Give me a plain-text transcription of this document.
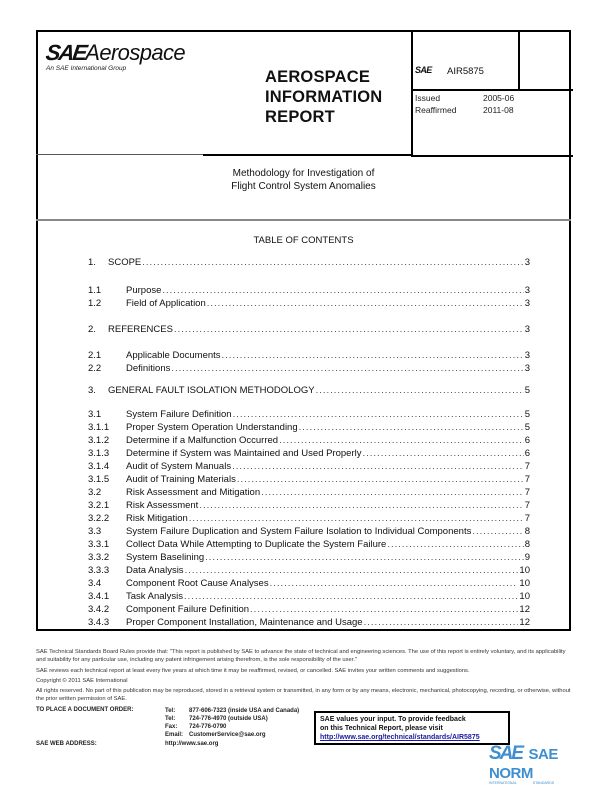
SAEAerospace
An SAE International Group	AEROSPACE
INFORMATION
REPORT
SAE AIR5875
Issued	2005-06
Reaffirmed	2011-08
Methodology for Investigation of
Flight Control System Anomalies
TABLE OF CONTENTS
1. SCOPE .....	3
1.1	Purpose .....	3
1.2	Field of Application .....	3
2. REFERENCES .....	3
2.1	Applicable Documents .....	3
2.2	Definitions .....	3
3. GENERAL FAULT ISOLATION METHODOLOGY .....	5
3.1	System Failure Definition .....	5
3.1.1 Proper System Operation Understanding .....	5
3.1.2 Determine if a Malfunction Occurred .....	6
3.1.3 Determine if System was Maintained and Used Properly .....	6
3.1.4 Audit of System Manuals .....	7
3.1.5 Audit of Training Materials .....	7
3.2	Risk Assessment and Mitigation .....	7
3.2.1 Risk Assessment .....	7
3.2.2 Risk Mitigation .....	7
3.3	System Failure Duplication and System Failure Isolation to Individual Components .....	8
3.3.1 Collect Data While Attempting to Duplicate the System Failure .....	8
3.3.2 System Baselining .....	9
3.3.3 Data Analysis .....	10
3.4	Component Root Cause Analyses .....	10
3.4.1 Task Analysis .....	10
3.4.2 Component Failure Definition .....	12
3.4.3 Proper Component Installation, Maintenance and Usage .....	12
SAE Technical Standards Board Rules provide that: "This report is published by SAE to advance the state of technical and engineering sciences. The use of this report is entirely voluntary, and its applicability and suitability for any particular use, including any patent infringement arising therefrom, is the sole responsibility of the user."
SAE reviews each technical report at least every five years at which time it may be reaffirmed, revised, or cancelled. SAE invites your written comments and suggestions.
Copyright © 2011 SAE International
All rights reserved. No part of this publication may be reproduced, stored in a retrieval system or transmitted, in any form or by any means, electronic, mechanical, photocopying, recording, or otherwise, without the prior written permission of SAE.
TO PLACE A DOCUMENT ORDER:	Tel:	877-606-7323 (inside USA and Canada)
Tel:	724-776-4970 (outside USA)
Fax:	724-776-0790
Email: CustomerService@sae.org
SAE WEB ADDRESS:	http://www.sae.org
SAE values your input. To provide feedback
on this Technical Report, please visit
http://www.sae.org/technical/standards/AIR5875
SAE SAE NORM
INTERNATIONAL	STANDARDS
